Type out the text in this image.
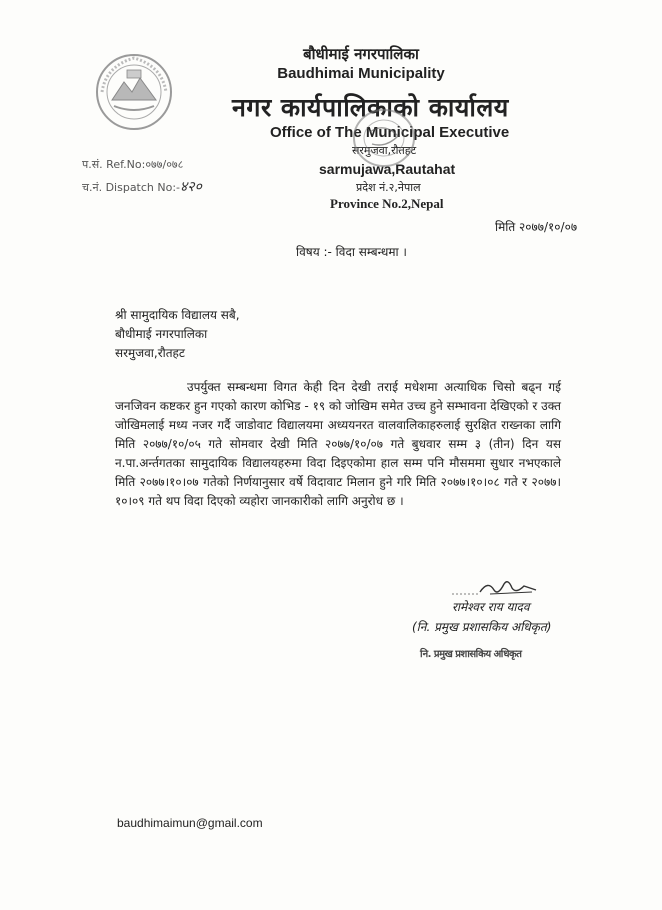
बौधीमाई नगरपालिका
Baudhimai Municipality
नगर कार्यपालिकाको कार्यालय
Office of The Municipal Executive
सरमुजवा,रौतहट
sarmujawa,Rautahat
प्रदेश नं.२,नेपाल
Province No.2,Nepal
प.सं. Ref.No:०७७/०७८
च.नं. Dispatch No:-४२०
मिति २०७७/१०/०७
विषय :- विदा सम्बन्धमा ।
श्री सामुदायिक विद्यालय सबै,
बौधीमाई नगरपालिका
सरमुजवा,रौतहट
उपर्युक्त सम्बन्धमा विगत केही दिन देखी तराई मधेशमा अत्याधिक चिसो बढ्न गई जनजिवन कष्टकर हुन गएको कारण कोभिड - १९ को जोखिम समेत उच्च हुने सम्भावना देखिएको र उक्त जोखिमलाई मध्य नजर गर्दै जाडोवाट विद्यालयमा अध्ययनरत वालवालिकाहरुलाई सुरक्षित राख्नका लागि मिति २०७७/१०/०५ गते सोमवार देखी मिति २०७७/१०/०७ गते बुधवार सम्म ३ (तीन) दिन यस न.पा.अर्न्तगतका सामुदायिक विद्यालयहरुमा विदा दिइएकोमा हाल सम्म पनि मौसममा सुधार नभएकाले मिति २०७७।१०।०७ गतेको निर्णयानुसार वर्षे विदावाट मिलान हुने गरि मिति २०७७।१०।०८ गते र २०७७।१०।०९ गते थप विदा दिएको व्यहोरा जानकारीको लागि अनुरोध छ ।
रामेश्वर राय यादव
(नि. प्रमुख प्रशासकिय अधिकृत)
नि. प्रमुख प्रशासकिय अधिकृत
baudhimaimun@gmail.com
